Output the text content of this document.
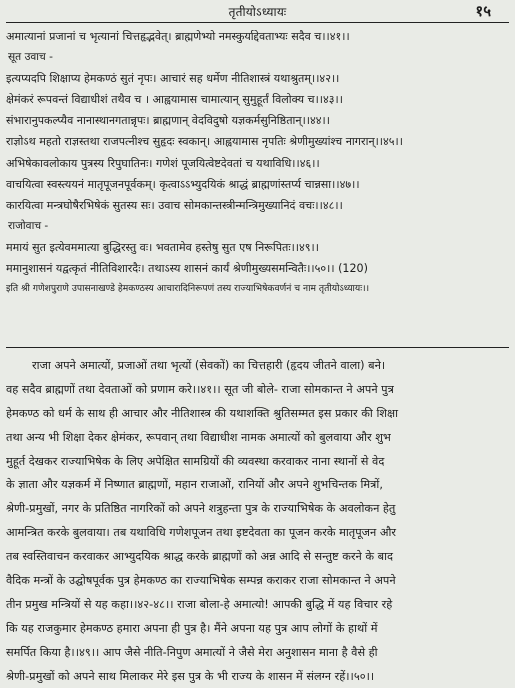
तृतीयोऽध्यायः	१५
अमात्यानां प्रजानां च भृत्यानां चित्तहृद्भवेत्। ब्राह्मणेभ्यो नमस्कुर्याद्देवताभ्यः सदैव च।।४१।।
सूत उवाच -
इत्यप्यदपि शिक्षाप्य हेमकण्ठं सुतं नृपः। आचारं सह धर्मेण नीतिशास्त्रं यथाश्रुतम्।।४२।।
क्षेमंकरं रूपवन्तं विद्याधीशं तथैव च । आह्वयामास चामात्यान् सुमुहूर्तं विलोक्य च।।४३।।
संभारानुपकल्प्यैव नानास्थानगतान्नृपः। ब्राह्मणान् वेदविदुषो यज्ञकर्मसुनिष्ठितान्।।४४।।
राज्ञोऽथ महतो राज्ञस्तथा राजपत्नीश्च सुहृदः स्वकान्। आह्वयामास नृपतिः श्रेणीमुख्यांश्च नागरान्।।४५।।
अभिषेकावलोकाय पुत्रस्य रिपुघातिनः। गणेशं पूजयित्वेष्टदेवतां च यथाविधि।।४६।।
वाचयित्वा स्वस्त्ययनं मातृपूजनपूर्वकम्। कृत्वाऽऽभ्युदयिकं श्राद्धं ब्राह्मणांस्तर्प्य चान्नसा।।४७।।
कारयित्वा मन्त्रघोषैरभिषेकं सुतस्य सः। उवाच सोमकान्तस्त्रीन्मन्त्रिमुख्यानिदं वचः।।४८।।
राजोवाच -
ममायं सुत इत्येवममात्या बुद्धिरस्तु वः। भवतामेव हस्तेषु सुत एष निरूपितः।।४९।।
ममानुशासनं यद्वत्कृतं नीतिविशारदैः। तथाऽस्य शासनं कार्यं श्रेणीमुख्यसमन्वितैः।।५०।। (120)
इति श्री गणेशपुराणे उपासनाखण्डे हेमकण्ठस्य आचारादिनिरूपणं तस्य राज्याभिषेकवर्णनं च नाम तृतीयोऽध्यायः।।
राजा अपने अमात्यों, प्रजाओं तथा भृत्यों (सेवकों) का चित्तहारी (हृदय जीतने वाला) बने।
वह सदैव ब्राह्मणों तथा देवताओं को प्रणाम करे।।४१।। सूत जी बोले- राजा सोमकान्त ने अपने पुत्र
हेमकण्ठ को धर्म के साथ ही आचार और नीतिशास्त्र की यथाशक्ति श्रुतिसम्मत इस प्रकार की शिक्षा
तथा अन्य भी शिक्षा देकर क्षेमंकर, रूपवान् तथा विद्याधीश नामक अमात्यों को बुलवाया और शुभ
मुहूर्त देखकर राज्याभिषेक के लिए अपेक्षित सामग्रियों की व्यवस्था करवाकर नाना स्थानों से वेद
के ज्ञाता और यज्ञकर्म में निष्णात ब्राह्मणों, महान राजाओं, रानियों और अपने शुभचिन्तक मित्रों,
श्रेणी-प्रमुखों, नगर के प्रतिष्ठित नागरिकों को अपने शत्रुहन्ता पुत्र के राज्याभिषेक के अवलोकन हेतु
आमन्त्रित करके बुलवाया। तब यथाविधि गणेशपूजन तथा इष्टदेवता का पूजन करके मातृपूजन और
तब स्वस्तिवाचन करवाकर आभ्युदयिक श्राद्ध करके ब्राह्मणों को अन्न आदि से सन्तुष्ट करने के बाद
वैदिक मन्त्रों के उद्घोषपूर्वक पुत्र हेमकण्ठ का राज्याभिषेक सम्पन्न कराकर राजा सोमकान्त ने अपने
तीन प्रमुख मन्त्रियों से यह कहा।।४२-४८।। राजा बोला-हे अमात्यो! आपकी बुद्धि में यह विचार रहे
कि यह राजकुमार हेमकण्ठ हमारा अपना ही पुत्र है। मैंने अपना यह पुत्र आप लोगों के हाथों में
समर्पित किया है।।४९।। आप जैसे नीति-निपुण अमात्यों ने जैसे मेरा अनुशासन माना है वैसे ही
श्रेणी-प्रमुखों को अपने साथ मिलाकर मेरे इस पुत्र के भी राज्य के शासन में संलग्न रहें।।५०।।
